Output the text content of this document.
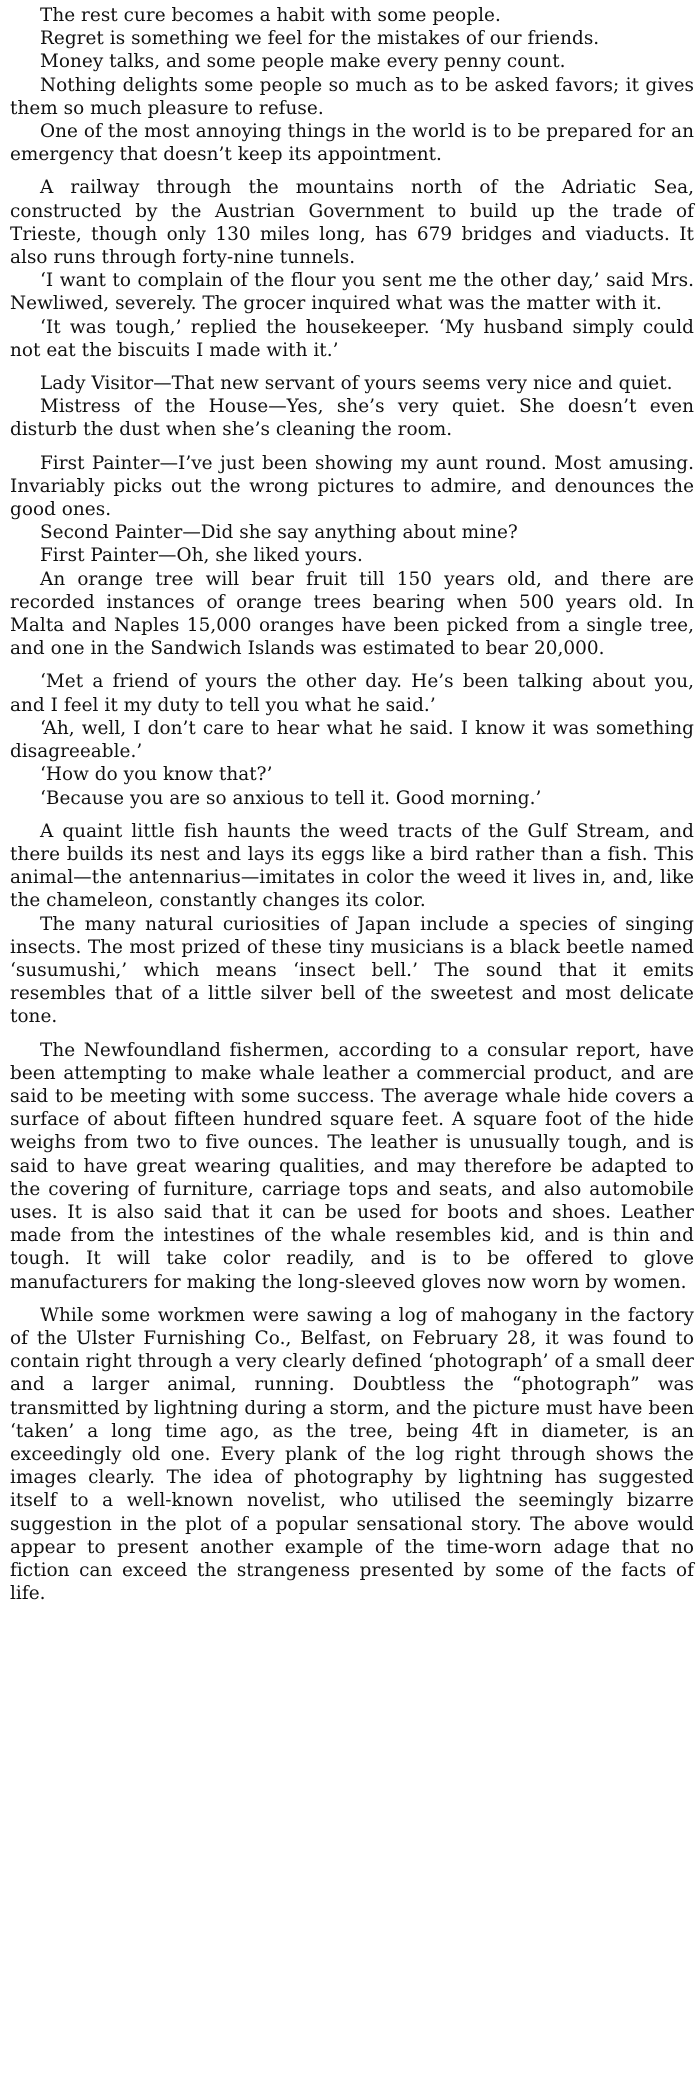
The rest cure becomes a habit with some people.

Regret is something we feel for the mistakes of our friends.

Money talks, and some people make every penny count.

Nothing delights some people so much as to be asked favors; it gives them so much pleasure to refuse.

One of the most annoying things in the world is to be prepared for an emergency that doesn’t keep its appointment.

A railway through the mountains north of the Adriatic Sea, constructed by the Austrian Government to build up the trade of Trieste, though only 130 miles long, has 679 bridges and viaducts. It also runs through forty-nine tunnels.

‘I want to complain of the flour you sent me the other day,’ said Mrs. Newliwed, severely. The grocer inquired what was the matter with it.

‘It was tough,’ replied the housekeeper. ‘My husband simply could not eat the biscuits I made with it.’

Lady Visitor—That new servant of yours seems very nice and quiet.

Mistress of the House—Yes, she’s very quiet. She doesn’t even disturb the dust when she’s cleaning the room.

First Painter—I’ve just been showing my aunt round. Most amusing. Invariably picks out the wrong pictures to admire, and denounces the good ones.

Second Painter—Did she say anything about mine?

First Painter—Oh, she liked yours.

An orange tree will bear fruit till 150 years old, and there are recorded instances of orange trees bearing when 500 years old. In Malta and Naples 15,000 oranges have been picked from a single tree, and one in the Sandwich Islands was estimated to bear 20,000.

‘Met a friend of yours the other day. He’s been talking about you, and I feel it my duty to tell you what he said.’

‘Ah, well, I don’t care to hear what he said. I know it was something disagreeable.’

‘How do you know that?’

‘Because you are so anxious to tell it. Good morning.’

A quaint little fish haunts the weed tracts of the Gulf Stream, and there builds its nest and lays its eggs like a bird rather than a fish. This animal—the antennarius—imitates in color the weed it lives in, and, like the chameleon, constantly changes its color.

The many natural curiosities of Japan include a species of singing insects. The most prized of these tiny musicians is a black beetle named ‘susumushi,’ which means ‘insect bell.’ The sound that it emits resembles that of a little silver bell of the sweetest and most delicate tone.

The Newfoundland fishermen, according to a consular report, have been attempting to make whale leather a commercial product, and are said to be meeting with some success. The average whale hide covers a surface of about fifteen hundred square feet. A square foot of the hide weighs from two to five ounces. The leather is unusually tough, and is said to have great wearing qualities, and may therefore be adapted to the covering of furniture, carriage tops and seats, and also automobile uses. It is also said that it can be used for boots and shoes. Leather made from the intestines of the whale resembles kid, and is thin and tough. It will take color readily, and is to be offered to glove manufacturers for making the long-sleeved gloves now worn by women.

While some workmen were sawing a log of mahogany in the factory of the Ulster Furnishing Co., Belfast, on February 28, it was found to contain right through a very clearly defined ‘photograph’ of a small deer and a larger animal, running. Doubtless the “photograph” was transmitted by lightning during a storm, and the picture must have been ‘taken’ a long time ago, as the tree, being 4ft in diameter, is an exceedingly old one. Every plank of the log right through shows the images clearly. The idea of photography by lightning has suggested itself to a well-known novelist, who utilised the seemingly bizarre suggestion in the plot of a popular sensational story. The above would appear to present another example of the time-worn adage that no fiction can exceed the strangeness presented by some of the facts of life.
